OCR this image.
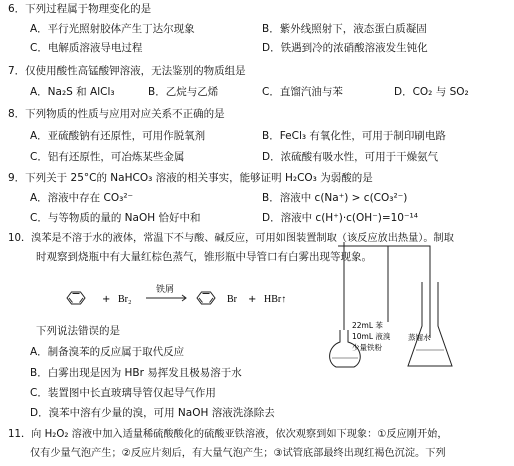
6．下列过程属于物理变化的是
A．平行光照射胶体产生丁达尔现象	B．紫外线照射下，液态蛋白质凝固
C．电解质溶液导电过程	D．铁遇到冷的浓硝酸溶液发生钝化
7．仅使用酸性高锰酸钾溶液，无法鉴别的物质组是
A．Na₂S 和 AlCl₃	B．乙烷与乙烯	C．直馏汽油与苯	D．CO₂ 与 SO₂
8．下列物质的性质与应用对应关系不正确的是
A．亚硫酸钠有还原性，可用作脱氧剂	B．FeCl₃ 有氧化性，可用于制印刷电路
C．铝有还原性，可冶炼某些金属	D．浓硫酸有吸水性，可用于干燥氨气
9．下列关于 25°C的 NaHCO₃ 溶液的相关事实，能够证明 H₂CO₃ 为弱酸的是
A．溶液中存在 CO₃²⁻	B．溶液中 c(Na⁺) > c(CO₃²⁻)
C．与等物质的量的 NaOH 恰好中和	D．溶液中 c(H⁺)·c(OH⁻)=10⁻¹⁴
10．溴苯是不溶于水的液体，常温下不与酸、碱反应，可用如图装置制取（该反应放出热量）。制取
时观察到烧瓶中有大量红棕色蒸气，锥形瓶中导管口有白雾出现等现象。
+ Br₂
铁屑
Br + HBr↑
22mL 苯
10mL 液溴
少量铁粉
蒸馏水
下列说法错误的是
A．制备溴苯的反应属于取代反应
B．白雾出现是因为 HBr 易挥发且极易溶于水
C．装置图中长直玻璃导管仅起导气作用
D．溴苯中溶有少量的溴，可用 NaOH 溶液洗涤除去
11．向 H₂O₂ 溶液中加入适量稀硫酸酸化的硫酸亚铁溶液，依次观察到如下现象：①反应刚开始，
仅有少量气泡产生；②反应片刻后，有大量气泡产生；③试管底部最终出现红褐色沉淀。下列
